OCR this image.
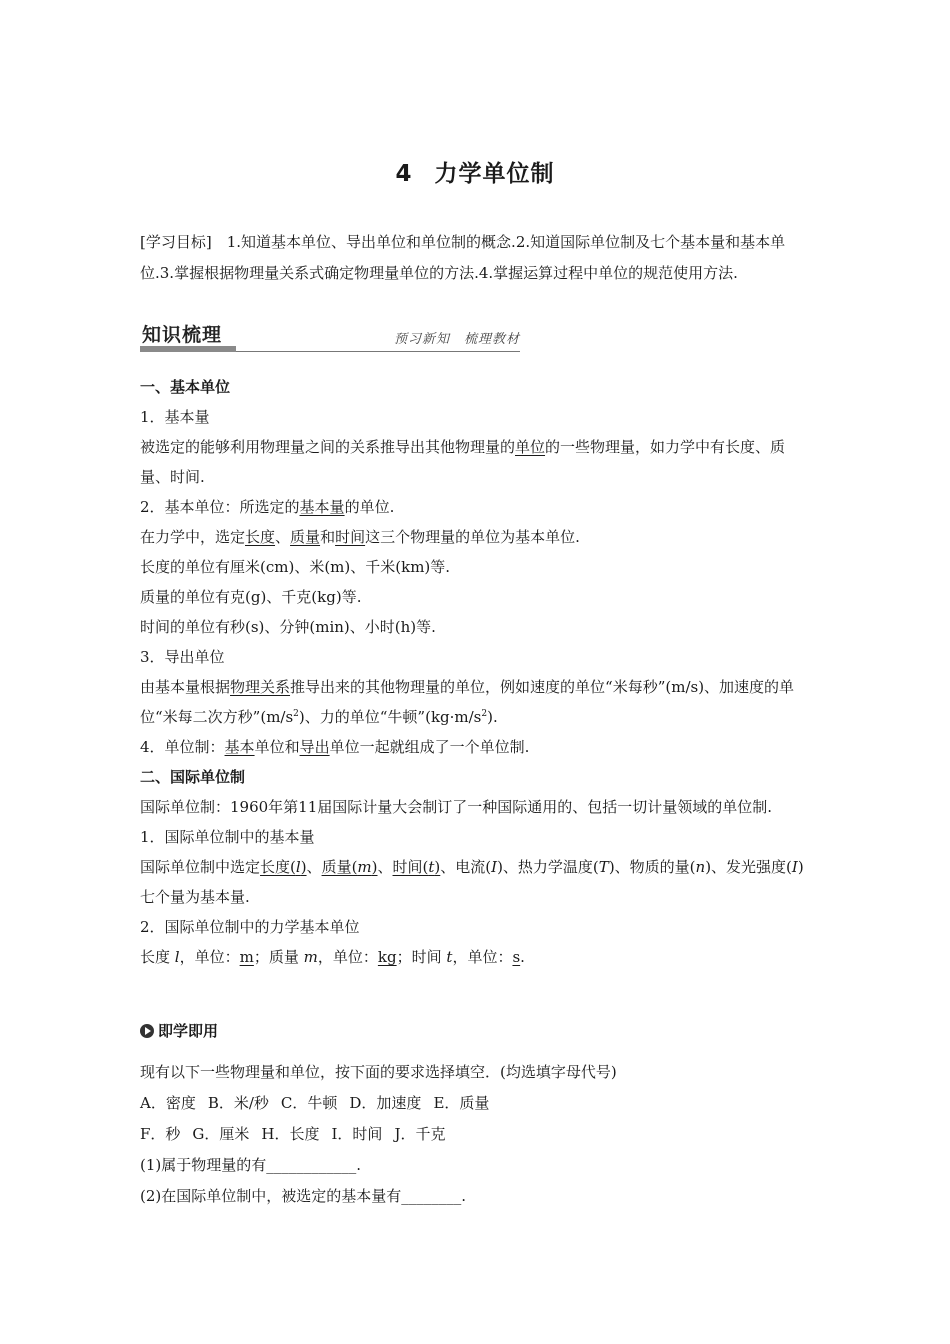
4 力学单位制
[学习目标]　 1.知道基本单位、导出单位和单位制的概念.2.知道国际单位制及七个基本量和基本单位.3.掌握根据物理量关系式确定物理量单位的方法.4.掌握运算过程中单位的规范使用方法.
知识梳理	预习新知　梳理教材

一、基本单位

1．基本量

被选定的能够利用物理量之间的关系推导出其他物理量的单位的一些物理量，如力学中有长度、质量、时间.

2．基本单位：所选定的基本量的单位.

在力学中，选定长度、质量和时间这三个物理量的单位为基本单位.

长度的单位有厘米(cm)、米(m)、千米(km)等.

质量的单位有克(g)、千克(kg)等.

时间的单位有秒(s)、分钟(min)、小时(h)等.

3．导出单位

由基本量根据物理关系推导出来的其他物理量的单位，例如速度的单位“米每秒”(m/s)、加速度的单位“米每二次方秒$”(m/s^2)$、力的单位“牛顿$”(kg\cdot m/s^2)$.

4．单位制：基本单位和导出单位一起就组成了一个单位制.

二、国际单位制

国际单位制：1960年第11届国际计量大会制订了一种国际通用的、包括一切计量领域的单位制.

1．国际单位制中的基本量

国际单位制中选定长度(l)、质量(m)、时间(t)、电流(I)、热力学温度(T)、物质的量(n)、发光强度(I)七个量为基本量.

2．国际单位制中的力学基本单位

长度 l，单位：m；质量 m，单位：kg；时间 t，单位：s.

即学即用

现有以下一些物理量和单位，按下面的要求选择填空．(均选填字母代号)

A．密度 B．米/秒 C．牛顿 D．加速度 E．质量

F．秒 G．厘米 H．长度 I．时间 J．千克

(1)属于物理量的有____________.

(2)在国际单位制中，被选定的基本量有________.
